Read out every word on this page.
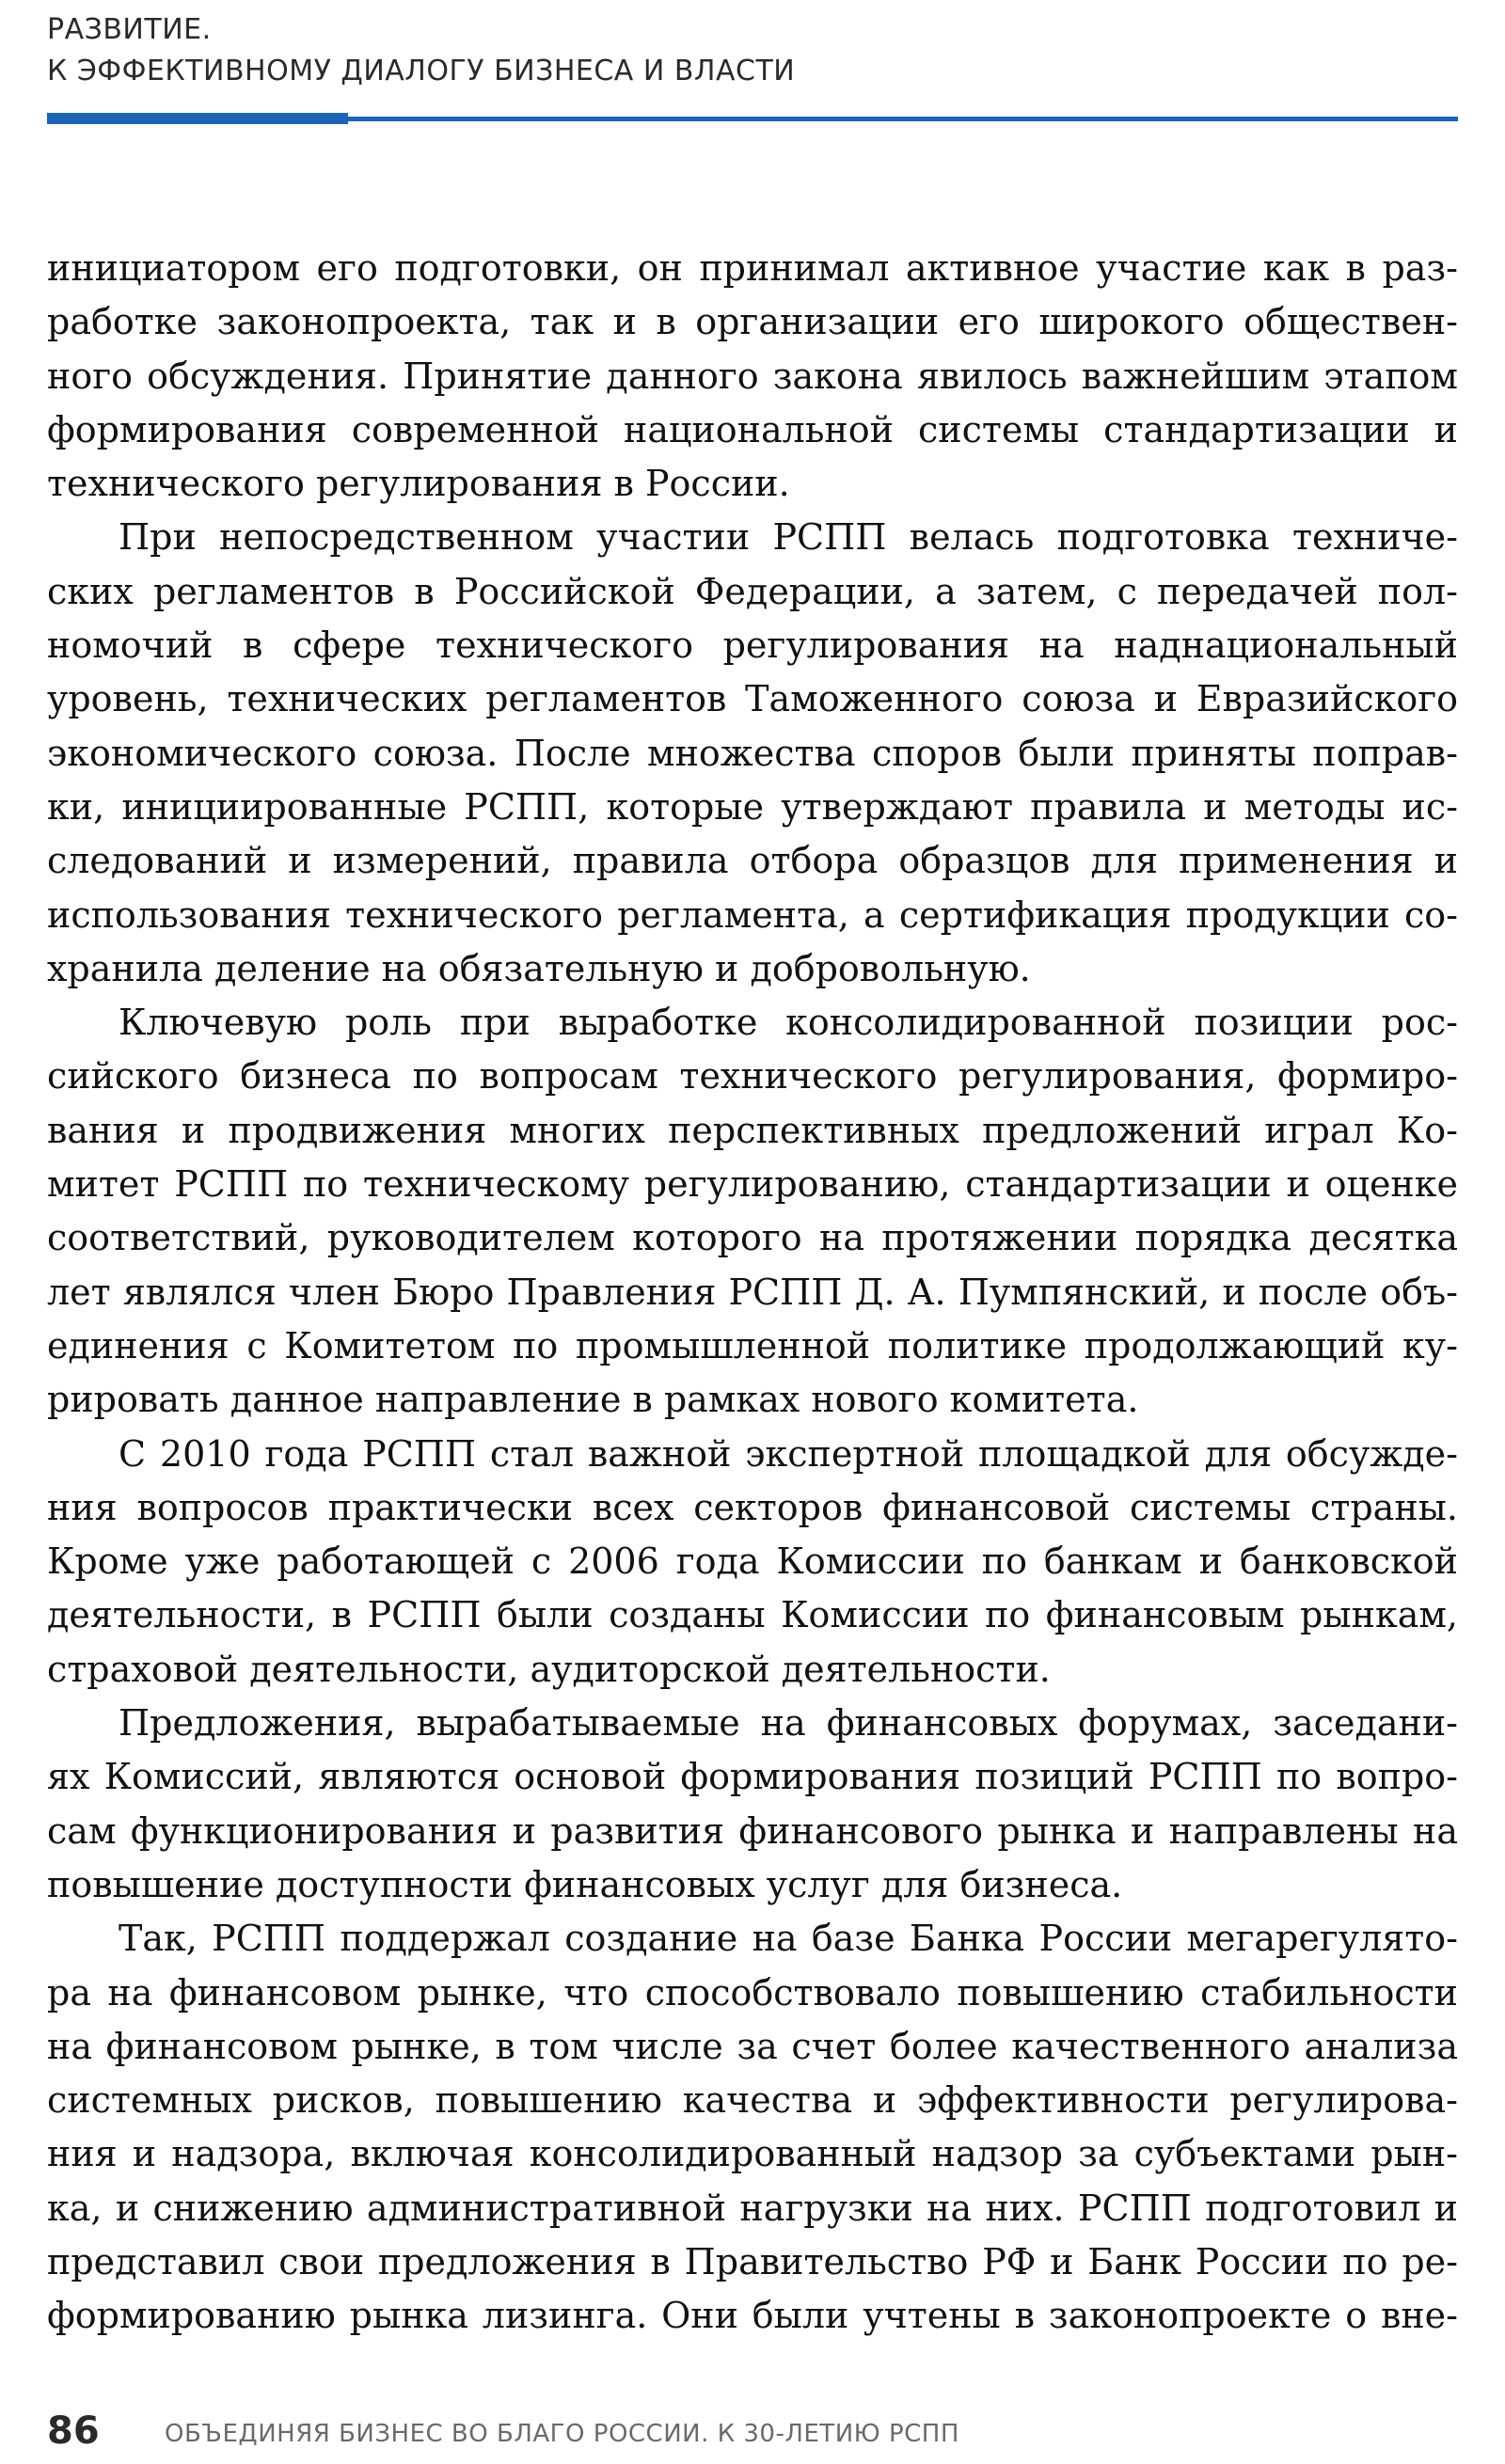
РАЗВИТИЕ.
К ЭФФЕКТИВНОМУ ДИАЛОГУ БИЗНЕСА И ВЛАСТИ

инициатором его подготовки, он принимал активное участие как в раз-
работке законопроекта, так и в организации его широкого обществен-
ного обсуждения. Принятие данного закона явилось важнейшим этапом
формирования современной национальной системы стандартизации и
технического регулирования в России.

При непосредственном участии РСПП велась подготовка техниче-
ских регламентов в Российской Федерации, а затем, с передачей пол-
номочий в сфере технического регулирования на наднациональный
уровень, технических регламентов Таможенного союза и Евразийского
экономического союза. После множества споров были приняты поправ-
ки, инициированные РСПП, которые утверждают правила и методы ис-
следований и измерений, правила отбора образцов для применения и
использования технического регламента, а сертификация продукции со-
хранила деление на обязательную и добровольную.

Ключевую роль при выработке консолидированной позиции рос-
сийского бизнеса по вопросам технического регулирования, формиро-
вания и продвижения многих перспективных предложений играл Ко-
митет РСПП по техническому регулированию, стандартизации и оценке
соответствий, руководителем которого на протяжении порядка десятка
лет являлся член Бюро Правления РСПП Д. А. Пумпянский, и после объ-
единения с Комитетом по промышленной политике продолжающий ку-
рировать данное направление в рамках нового комитета.

С 2010 года РСПП стал важной экспертной площадкой для обсужде-
ния вопросов практически всех секторов финансовой системы страны.
Кроме уже работающей с 2006 года Комиссии по банкам и банковской
деятельности, в РСПП были созданы Комиссии по финансовым рынкам,
страховой деятельности, аудиторской деятельности.

Предложения, вырабатываемые на финансовых форумах, заседани-
ях Комиссий, являются основой формирования позиций РСПП по вопро-
сам функционирования и развития финансового рынка и направлены на
повышение доступности финансовых услуг для бизнеса.

Так, РСПП поддержал создание на базе Банка России мегарегулято-
ра на финансовом рынке, что способствовало повышению стабильности
на финансовом рынке, в том числе за счет более качественного анализа
системных рисков, повышению качества и эффективности регулирова-
ния и надзора, включая консолидированный надзор за субъектами рын-
ка, и снижению административной нагрузки на них. РСПП подготовил и
представил свои предложения в Правительство РФ и Банк России по ре-
формированию рынка лизинга. Они были учтены в законопроекте о вне-

86	ОБЪЕДИНЯЯ БИЗНЕС ВО БЛАГО РОССИИ. К 30-ЛЕТИЮ РСПП
